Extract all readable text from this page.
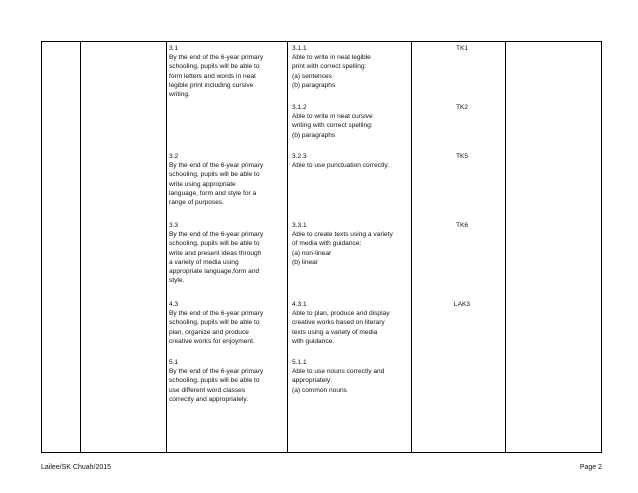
3.1
By the end of the 6-year primary
schooling, pupils will be able to
form letters and words in neat
legible print including cursive
writing.
3.2
By the end of the 6-year primary
schooling, pupils will be able to
write using appropriate
language, form and style for a
range of purposes.
3.3
By the end of the 6-year primary
schooling, pupils will be able to
write and present ideas through
a variety of media using
appropriate language,form and
style.
4.3
By the end of the 6-year primary
schooling, pupils will be able to
plan, organize and produce
creative works for enjoyment.
5.1
By the end of the 6-year primary
schooling, pupils will be able to
use different word classes
correctly and appropriately.
3.1.1
Able to write in neat legible
print with correct spelling:
(a) sentences
(b) paragraphs
3.1.2
Able to write in neat cursive
writing with correct spelling:
(b) paragraphs
3.2.3
Able to use punctuation correctly.
3.3.1
Able to create texts using a variety
of media with guidance:
(a) non-linear
(b) linear
4.3.1
Able to plan, produce and display
creative works based on literary
texts using a variety of media
with guidance.
5.1.1
Able to use nouns correctly and
appropriately:
(a) common nouns
TK1
TK2
TK5
TK6
LAK3
Lailee/SK Chuah/2015	Page 2
